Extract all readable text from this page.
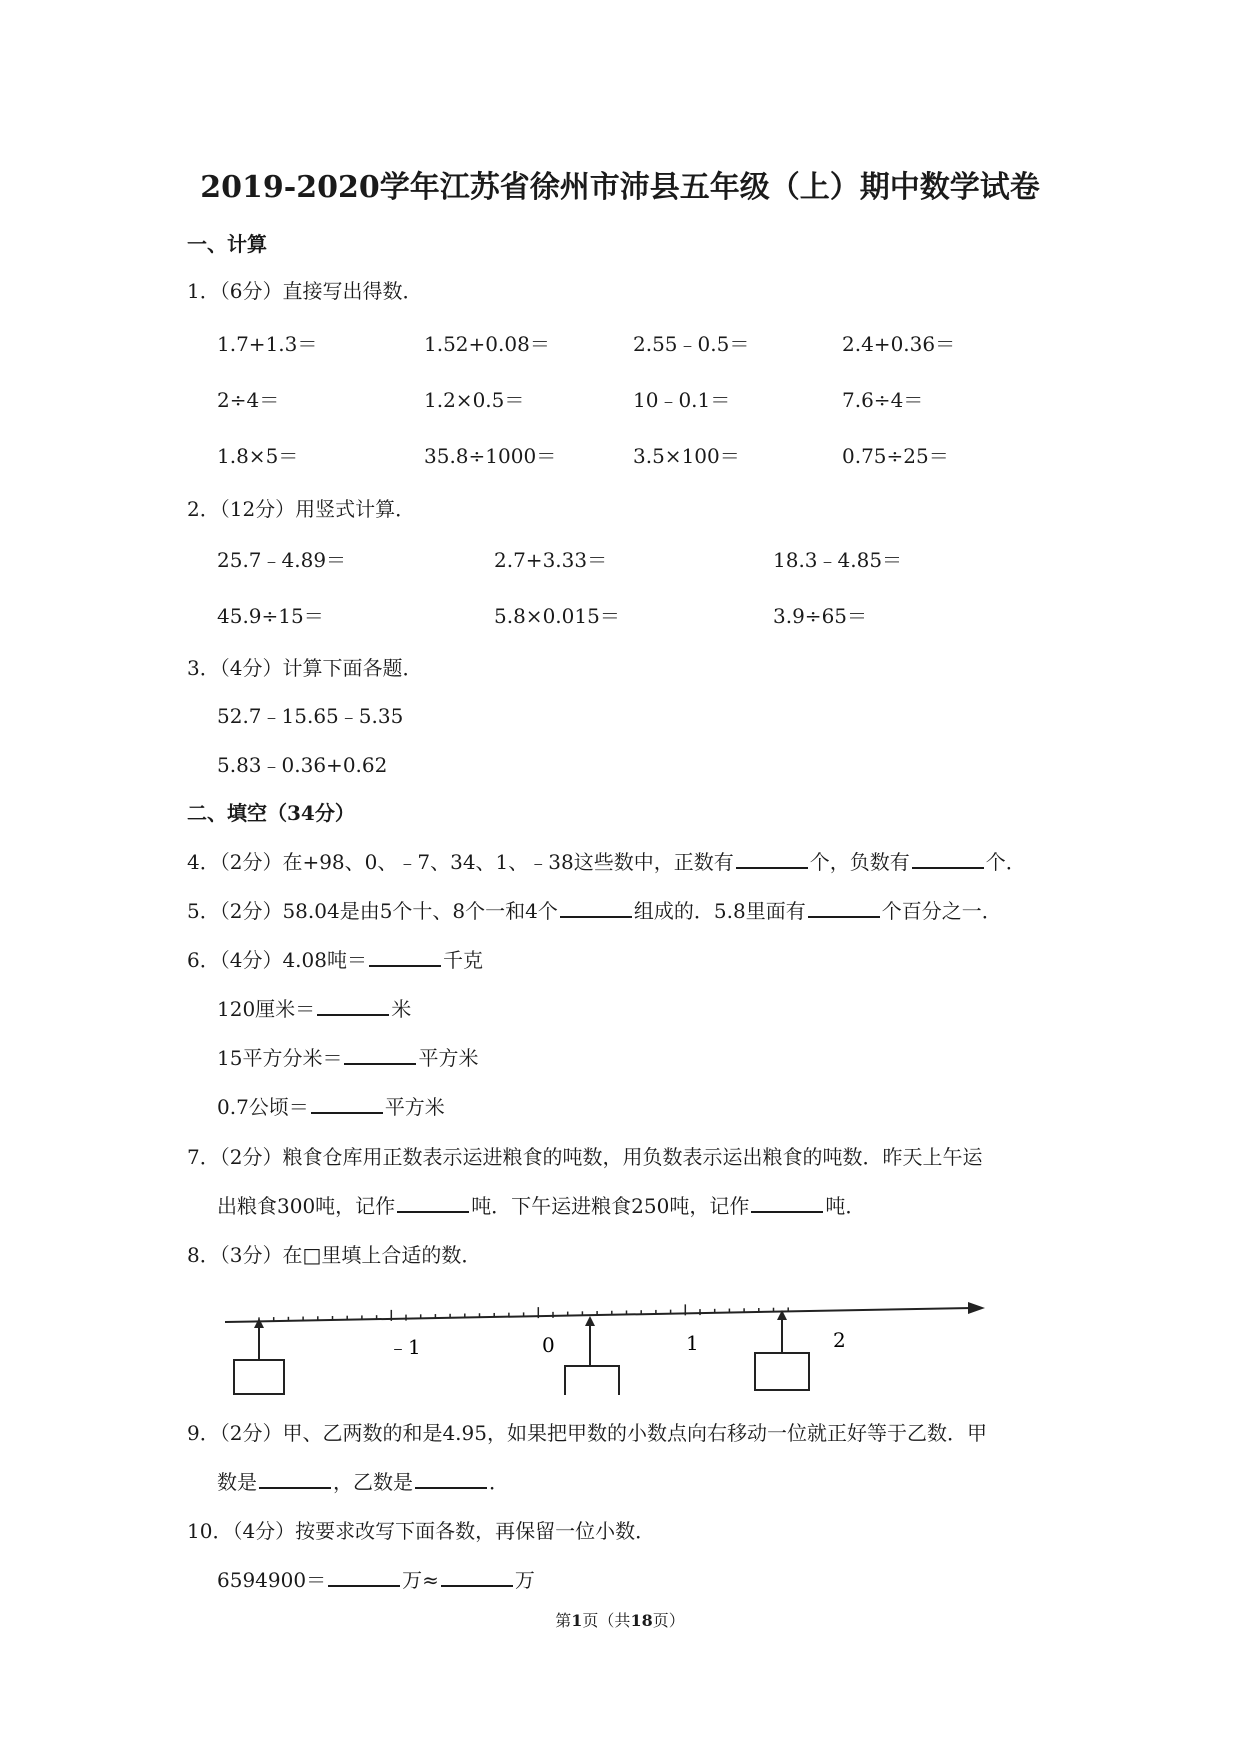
2019-2020学年江苏省徐州市沛县五年级（上）期中数学试卷
一、计算
1．（6分）直接写出得数．
1.7+1.3＝	1.52+0.08＝	2.55﹣0.5＝	2.4+0.36＝
2÷4＝	1.2×0.5＝	10﹣0.1＝	7.6÷4＝
1.8×5＝	35.8÷1000＝	3.5×100＝	0.75÷25＝
2．（12分）用竖式计算．
25.7﹣4.89＝	2.7+3.33＝	18.3﹣4.85＝
45.9÷15＝	5.8×0.015＝	3.9÷65＝
3．（4分）计算下面各题．
52.7﹣15.65﹣5.35
5.83﹣0.36+0.62
二、填空（34分）
4．（2分）在+98、0、﹣7、34、1、﹣38这些数中，正数有	个，负数有	个．
5．（2分）58.04是由5个十、8个一和4个	组成的．5.8里面有	个百分之一．
6．（4分）4.08吨＝	千克
120厘米＝	米
15平方分米＝	平方米
0.7公顷＝	平方米
7．（2分）粮食仓库用正数表示运进粮食的吨数，用负数表示运出粮食的吨数．昨天上午运
出粮食300吨，记作	吨．下午运进粮食250吨，记作	吨．
8．（3分）在□里填上合适的数．
﹣1	0	1	2
9．（2分）甲、乙两数的和是4.95，如果把甲数的小数点向右移动一位就正好等于乙数．甲
数是	，乙数是	．
10．（4分）按要求改写下面各数，再保留一位小数．
6594900＝	万≈	万
第1页（共18页）
